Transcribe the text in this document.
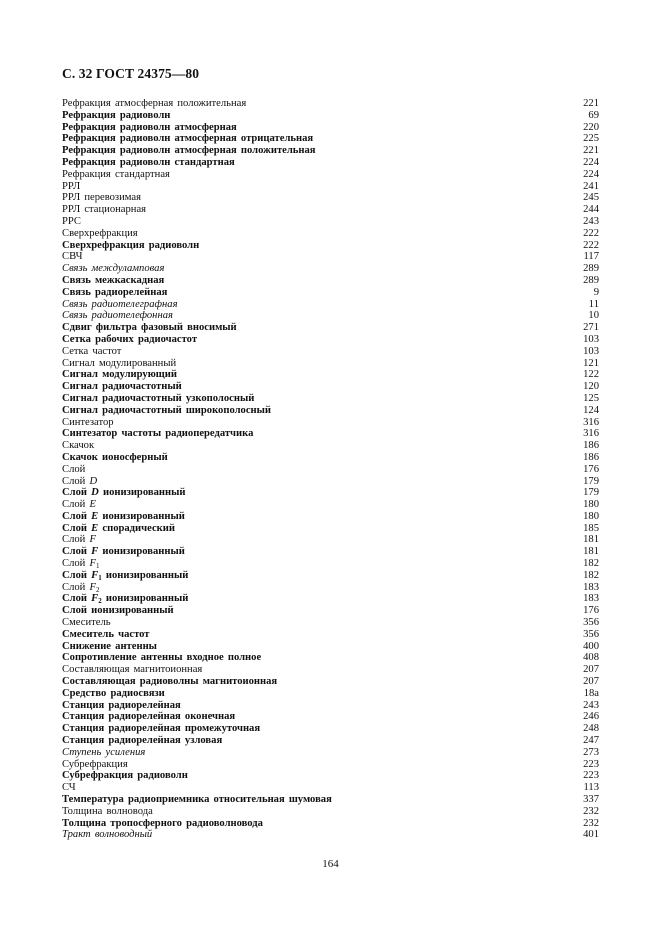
С. 32 ГОСТ 24375—80
Рефракция атмосферная положительная	221
Рефракция радиоволн	69
Рефракция радиоволн атмосферная	220
Рефракция радиоволн атмосферная отрицательная	225
Рефракция радиоволн атмосферная положительная	221
Рефракция радиоволн стандартная	224
Рефракция стандартная	224
РРЛ	241
РРЛ перевозимая	245
РРЛ стационарная	244
РРС	243
Сверхрефракция	222
Сверхрефракция радиоволн	222
СВЧ	117
Связь междуламповая	289
Связь межкаскадная	289
Связь радиорелейная	9
Связь радиотелеграфная	11
Связь радиотелефонная	10
Сдвиг фильтра фазовый вносимый	271
Сетка рабочих радиочастот	103
Сетка частот	103
Сигнал модулированный	121
Сигнал модулирующий	122
Сигнал радиочастотный	120
Сигнал радиочастотный узкополосный	125
Сигнал радиочастотный широкополосный	124
Синтезатор	316
Синтезатор частоты радиопередатчика	316
Скачок	186
Скачок ионосферный	186
Слой	176
Слой D	179
Слой D ионизированный	179
Слой E	180
Слой E ионизированный	180
Слой E спорадический	185
Слой F	181
Слой F ионизированный	181
Слой $F_1$	182
Слой $F_1$ ионизированный	182
Слой $F_2$	183
Слой $F_2$ ионизированный	183
Слой ионизированный	176
Смеситель	356
Смеситель частот	356
Снижение антенны	400
Сопротивление антенны входное полное	408
Составляющая магнитоионная	207
Составляющая радиоволны магнитоионная	207
Средство радиосвязи	18а
Станция радиорелейная	243
Станция радиорелейная оконечная	246
Станция радиорелейная промежуточная	248
Станция радиорелейная узловая	247
Ступень усиления	273
Субрефракция	223
Субрефракция радиоволн	223
СЧ	113
Температура радиоприемника относительная шумовая	337
Толщина волновода	232
Толщина тропосферного радиоволновода	232
Тракт волноводный	401
164
